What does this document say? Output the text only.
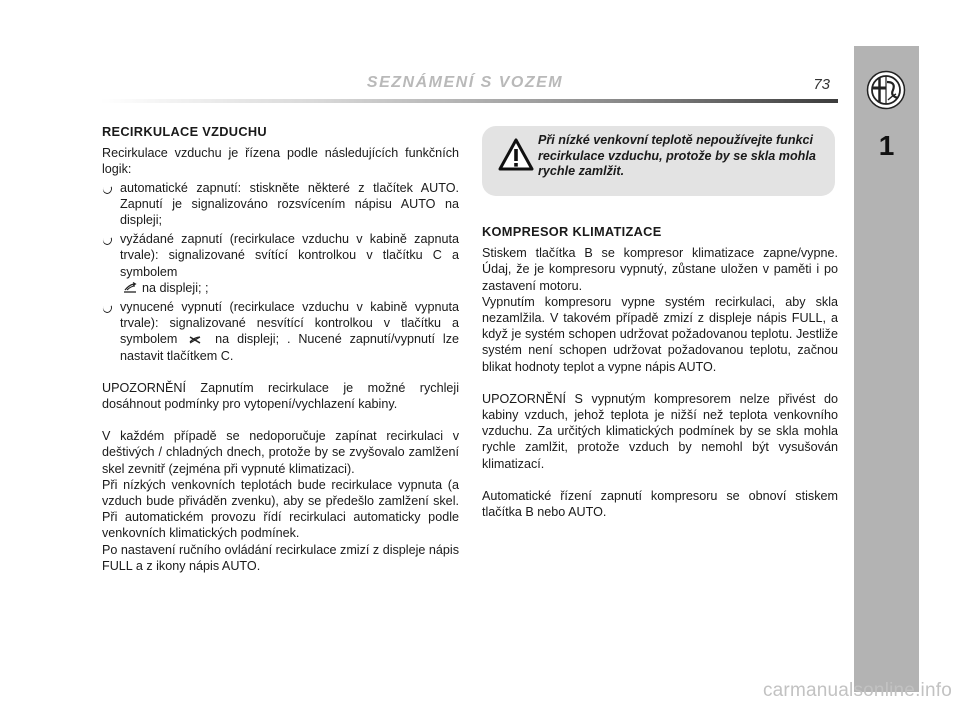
SEZNÁMENÍ S VOZEM	73
1

RECIRKULACE VZDUCHU

Recirkulace vzduchu je řízena podle následujících funkčních logik:

automatické zapnutí: stiskněte některé z tlačítek AUTO. Zapnutí je signalizováno rozsvícením nápisu AUTO na displeji;
vyžádané zapnutí (recirkulace vzduchu v kabině zapnuta trvale): signalizované svítící kontrolkou v tlačítku C a symbolem
na displeji; ;
vynucené vypnutí (recirkulace vzduchu v kabině vypnuta trvale): signalizované nesvítící kontrolkou v tlačítku a symbolem	na displeji; . Nucené zapnutí/vypnutí lze nastavit tlačítkem C.

UPOZORNĚNÍ Zapnutím recirkulace je možné rychleji dosáhnout podmínky pro vytopení/vychlazení kabiny.

V každém případě se nedoporučuje zapínat recirkulaci v deštivých / chladných dnech, protože by se zvyšovalo zamlžení skel zevnitř (zejména při vypnuté klimatizaci).

Při nízkých venkovních teplotách bude recirkulace vypnuta (a vzduch bude přiváděn zvenku), aby se předešlo zamlžení skel. Při automatickém provozu řídí recirkulaci automaticky podle venkovních klimatických podmínek.

Po nastavení ručního ovládání recirkulace zmizí z displeje nápis FULL a z ikony nápis AUTO.

Při nízké venkovní teplotě nepoužívejte funkci recirkulace vzduchu, protože by se skla mohla rychle zamlžit.

KOMPRESOR KLIMATIZACE

Stiskem tlačítka B se kompresor klimatizace zapne/vypne. Údaj, že je kompresoru vypnutý, zůstane uložen v paměti i po zastavení motoru.

Vypnutím kompresoru vypne systém recirkulaci, aby skla nezamlžila. V takovém případě zmizí z displeje nápis FULL, a když je systém schopen udržovat požadovanou teplotu. Jestliže systém není schopen udržovat požadovanou teplotu, začnou blikat hodnoty teplot a vypne nápis AUTO.

UPOZORNĚNÍ S vypnutým kompresorem nelze přivést do kabiny vzduch, jehož teplota je nižší než teplota venkovního vzduchu. Za určitých klimatických podmínek by se skla mohla rychle zamlžit, protože vzduch by nemohl být vysušován klimatizací.

Automatické řízení zapnutí kompresoru se obnoví stiskem tlačítka B nebo AUTO.

carmanualsonline.info
